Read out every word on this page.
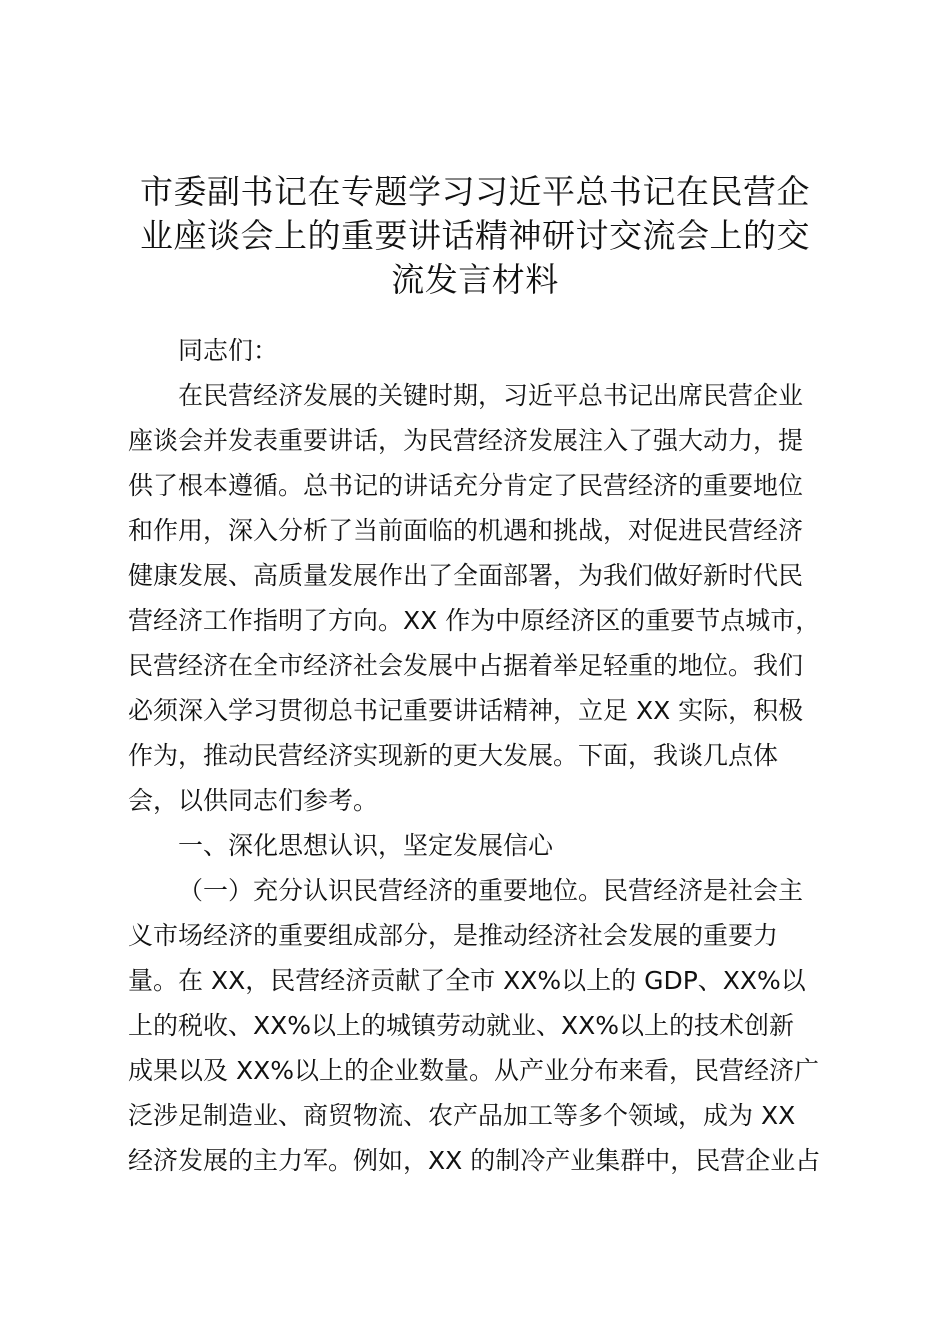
市委副书记在专题学习习近平总书记在民营企
业座谈会上的重要讲话精神研讨交流会上的交
流发言材料
同志们：
在民营经济发展的关键时期，习近平总书记出席民营企业
座谈会并发表重要讲话，为民营经济发展注入了强大动力，提
供了根本遵循。总书记的讲话充分肯定了民营经济的重要地位
和作用，深入分析了当前面临的机遇和挑战，对促进民营经济
健康发展、高质量发展作出了全面部署，为我们做好新时代民
营经济工作指明了方向。XX 作为中原经济区的重要节点城市，
民营经济在全市经济社会发展中占据着举足轻重的地位。我们
必须深入学习贯彻总书记重要讲话精神，立足 XX 实际，积极
作为，推动民营经济实现新的更大发展。下面，我谈几点体
会，以供同志们参考。
一、深化思想认识，坚定发展信心
（一）充分认识民营经济的重要地位。民营经济是社会主
义市场经济的重要组成部分，是推动经济社会发展的重要力
量。在 XX，民营经济贡献了全市 XX%以上的 GDP、XX%以
上的税收、XX%以上的城镇劳动就业、XX%以上的技术创新
成果以及 XX%以上的企业数量。从产业分布来看，民营经济广
泛涉足制造业、商贸物流、农产品加工等多个领域，成为 XX
经济发展的主力军。例如，XX 的制冷产业集群中，民营企业占
